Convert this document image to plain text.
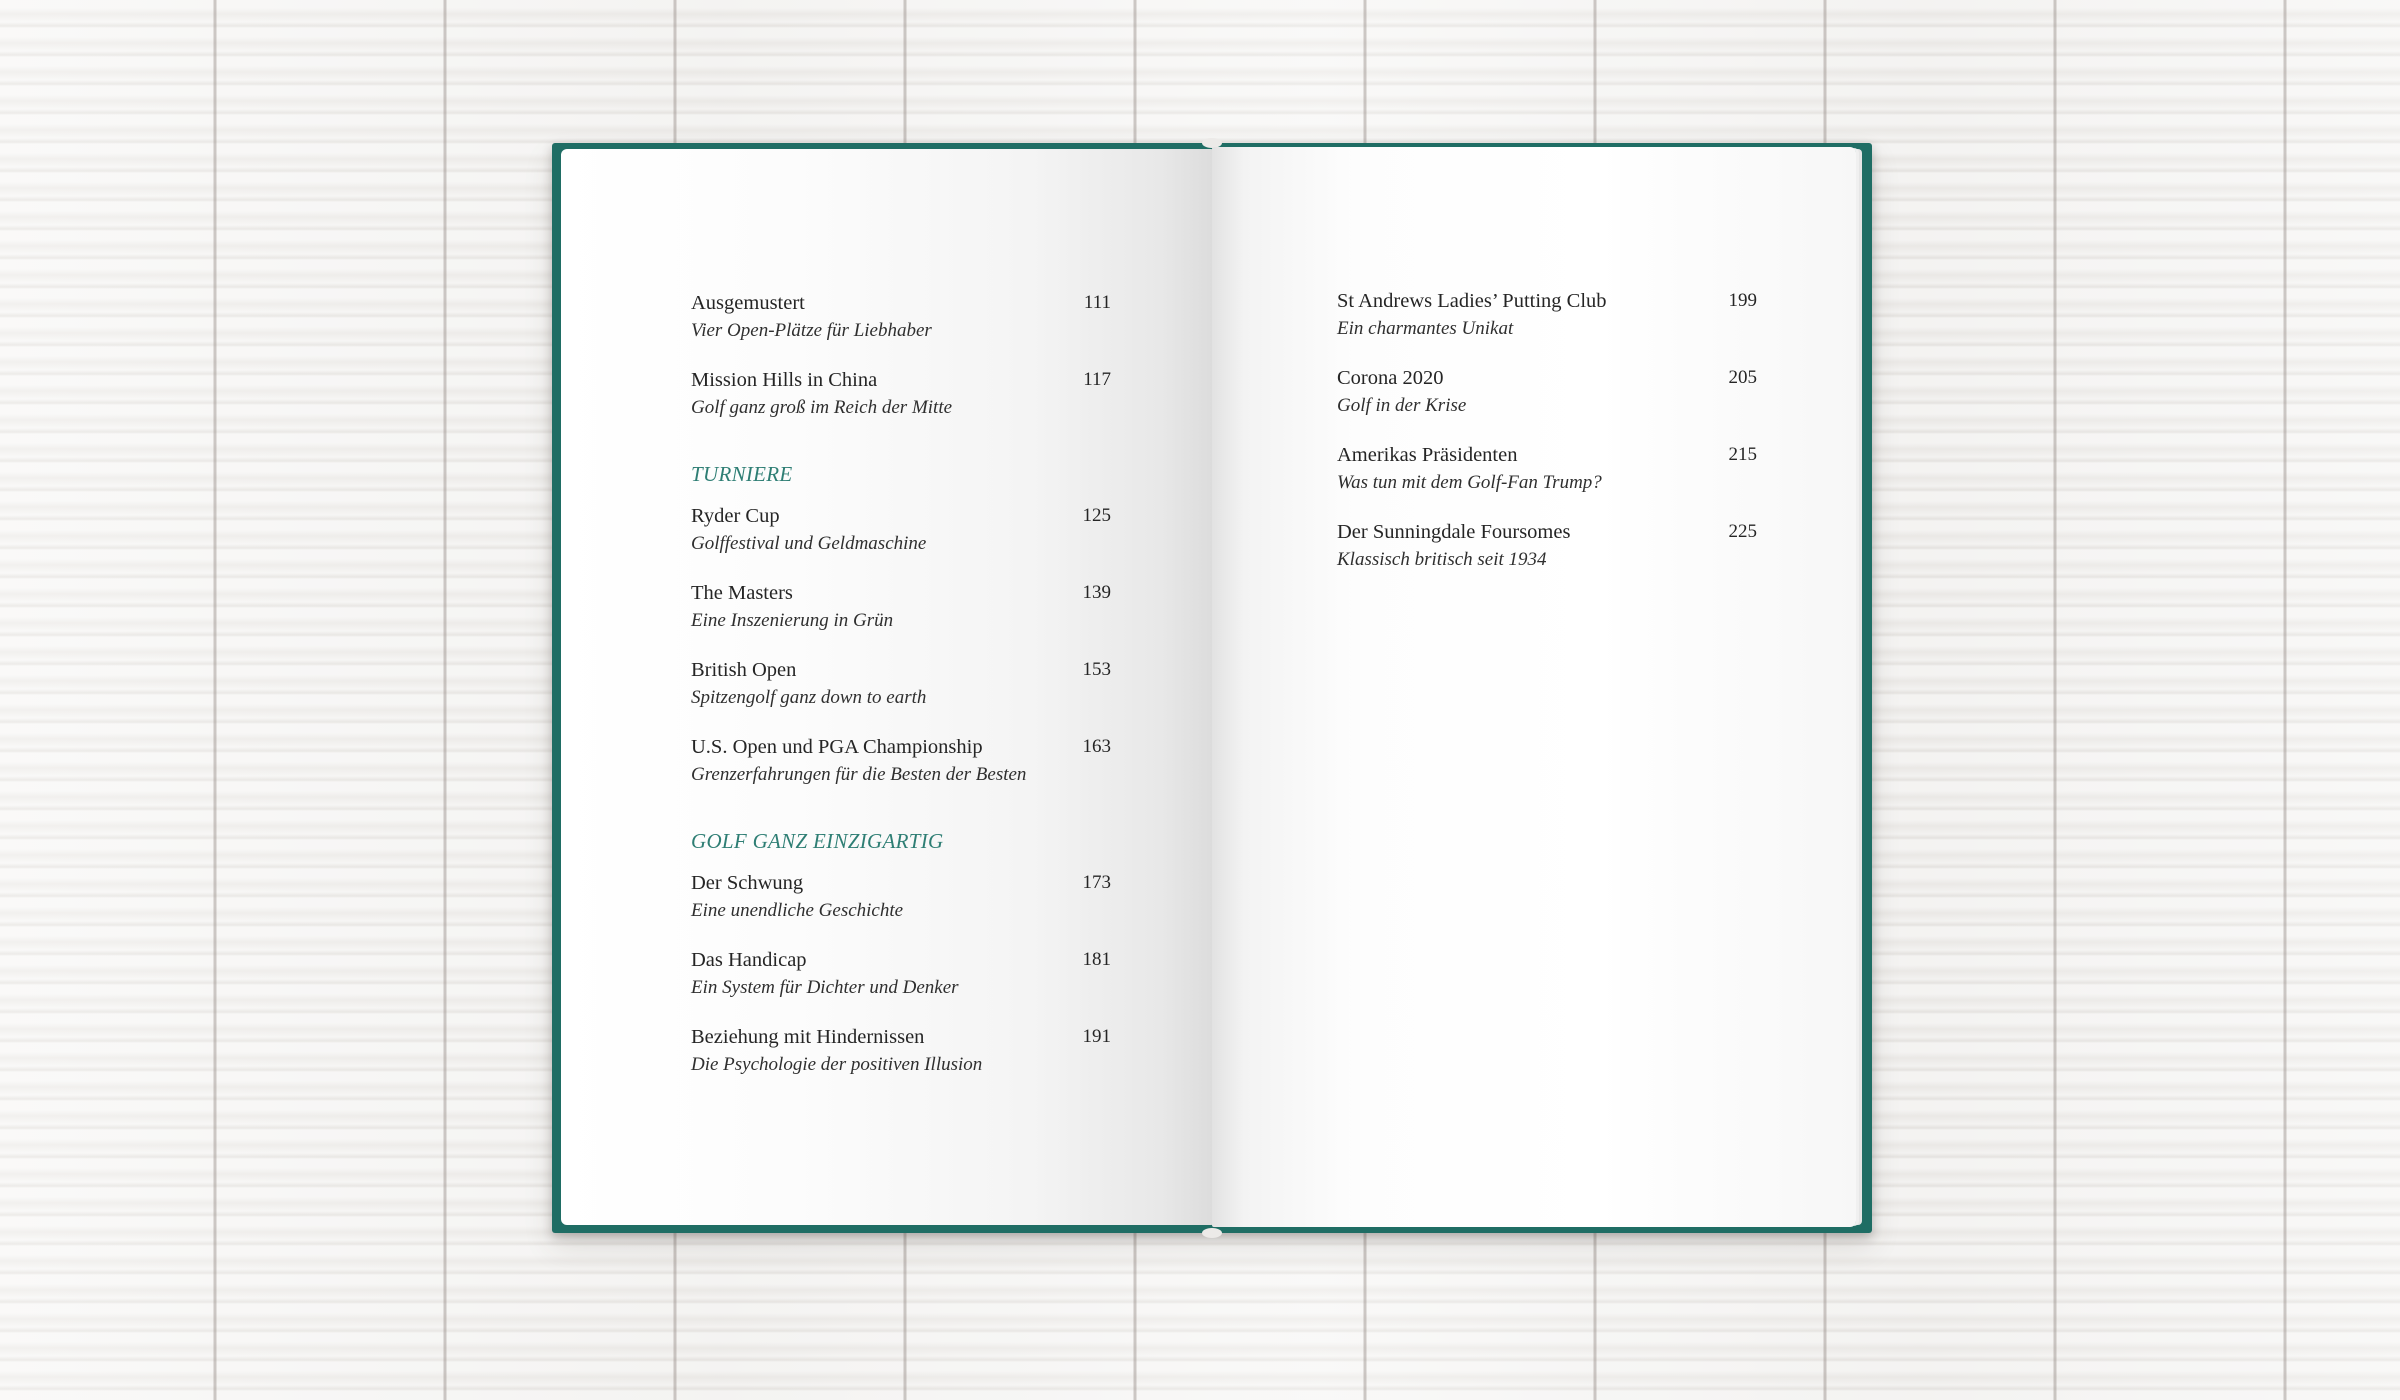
Ausgemustert
Vier Open-Plätze für Liebhaber
111
Mission Hills in China
Golf ganz groß im Reich der Mitte
117
TURNIERE
Ryder Cup
Golffestival und Geldmaschine
125
The Masters
Eine Inszenierung in Grün
139
British Open
Spitzengolf ganz down to earth
153
U.S. Open und PGA Championship
Grenzerfahrungen für die Besten der Besten
163
GOLF GANZ EINZIGARTIG
Der Schwung
Eine unendliche Geschichte
173
Das Handicap
Ein System für Dichter und Denker
181
Beziehung mit Hindernissen
Die Psychologie der positiven Illusion
191
St Andrews Ladies’ Putting Club
Ein charmantes Unikat
199
Corona 2020
Golf in der Krise
205
Amerikas Präsidenten
Was tun mit dem Golf-Fan Trump?
215
Der Sunningdale Foursomes
Klassisch britisch seit 1934
225
